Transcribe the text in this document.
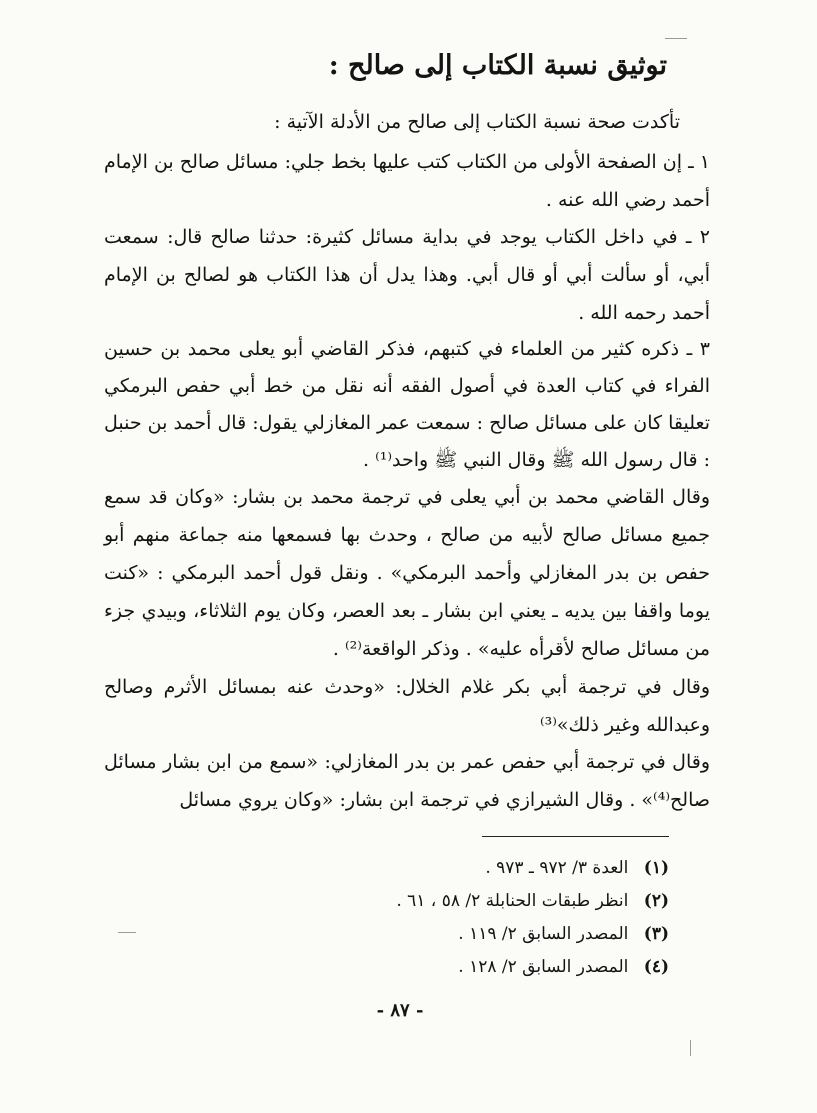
توثيق نسبة الكتاب إلى صالح :
تأكدت صحة نسبة الكتاب إلى صالح من الأدلة الآتية :
١ ـ إن الصفحة الأولى من الكتاب كتب عليها بخط جلي: مسائل صالح بن الإمام أحمد رضي الله عنه .
٢ ـ في داخل الكتاب يوجد في بداية مسائل كثيرة: حدثنا صالح قال: سمعت أبي، أو سألت أبي أو قال أبي. وهذا يدل أن هذا الكتاب هو لصالح بن الإمام أحمد رحمه الله .
٣ ـ ذكره كثير من العلماء في كتبهم، فذكر القاضي أبو يعلى محمد بن حسين الفراء في كتاب العدة في أصول الفقه أنه نقل من خط أبي حفص البرمكي تعليقا كان على مسائل صالح : سمعت عمر المغازلي يقول: قال أحمد بن حنبل : قال رسول الله ﷺ وقال النبي ﷺ واحد⁽¹⁾ .
وقال القاضي محمد بن أبي يعلى في ترجمة محمد بن بشار: «وكان قد سمع جميع مسائل صالح لأبيه من صالح ، وحدث بها فسمعها منه جماعة منهم أبو حفص بن بدر المغازلي وأحمد البرمكي» . ونقل قول أحمد البرمكي : «كنت يوما واقفا بين يديه ـ يعني ابن بشار ـ بعد العصر، وكان يوم الثلاثاء، وبيدي جزء من مسائل صالح لأقرأه عليه» . وذكر الواقعة⁽²⁾ .
وقال في ترجمة أبي بكر غلام الخلال: «وحدث عنه بمسائل الأثرم وصالح وعبدالله وغير ذلك»⁽³⁾
وقال في ترجمة أبي حفص عمر بن بدر المغازلي: «سمع من ابن بشار مسائل صالح⁽⁴⁾» . وقال الشيرازي في ترجمة ابن بشار: «وكان يروي مسائل
(١) العدة ٣/ ٩٧٢ ـ ٩٧٣ .
(٢) انظر طبقات الحنابلة ٢/ ٥٨ ، ٦١ .
(٣) المصدر السابق ٢/ ١١٩ .
(٤) المصدر السابق ٢/ ١٢٨ .
- ٨٧ -
